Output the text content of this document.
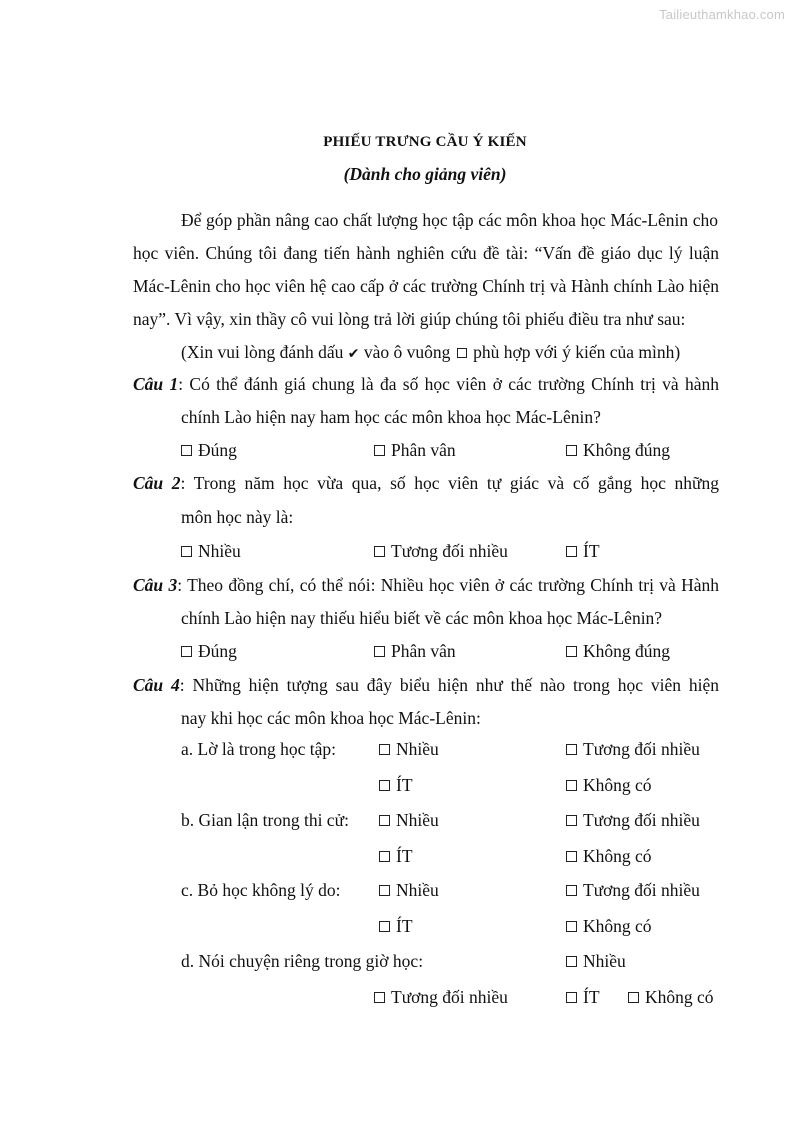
Tailieuthamkhao.com
PHIẾU TRƯNG CẦU Ý KIẾN
(Dành cho giảng viên)
Để góp phần nâng cao chất lượng học tập các môn khoa học Mác-Lênin cho
học viên. Chúng tôi đang tiến hành nghiên cứu đề tài: “Vấn đề giáo dục lý luận
Mác-Lênin cho học viên hệ cao cấp ở các trường Chính trị và Hành chính Lào hiện
nay”. Vì vậy, xin thầy cô vui lòng trả lời giúp chúng tôi phiếu điều tra như sau:
(Xin vui lòng đánh dấu ✔ vào ô vuông  phù hợp với ý kiến của mình)
Câu 1: Có thể đánh giá chung là đa số học viên ở các trường Chính trị và hành
chính Lào hiện nay ham học các môn khoa học Mác-Lênin?
Đúng	Phân vân	Không đúng
Câu 2: Trong năm học vừa qua, số học viên tự giác và cố gắng học những
môn học này là:
Nhiều	Tương đối nhiều	ÍT
Câu 3: Theo đồng chí, có thể nói: Nhiều học viên ở các trường Chính trị và Hành
chính Lào hiện nay thiếu hiểu biết về các môn khoa học Mác-Lênin?
Đúng	Phân vân	Không đúng
Câu 4: Những hiện tượng sau đây biểu hiện như thế nào trong học viên hiện
nay khi học các môn khoa học Mác-Lênin:
a. Lờ là trong học tập:	Nhiều	Tương đối nhiều
ÍT	Không có
b. Gian lận trong thi cử:	Nhiều	Tương đối nhiều
ÍT	Không có
c. Bỏ học không lý do:	Nhiều	Tương đối nhiều
ÍT	Không có
d. Nói chuyện riêng trong giờ học:	Nhiều
Tương đối nhiều	ÍT	Không có
